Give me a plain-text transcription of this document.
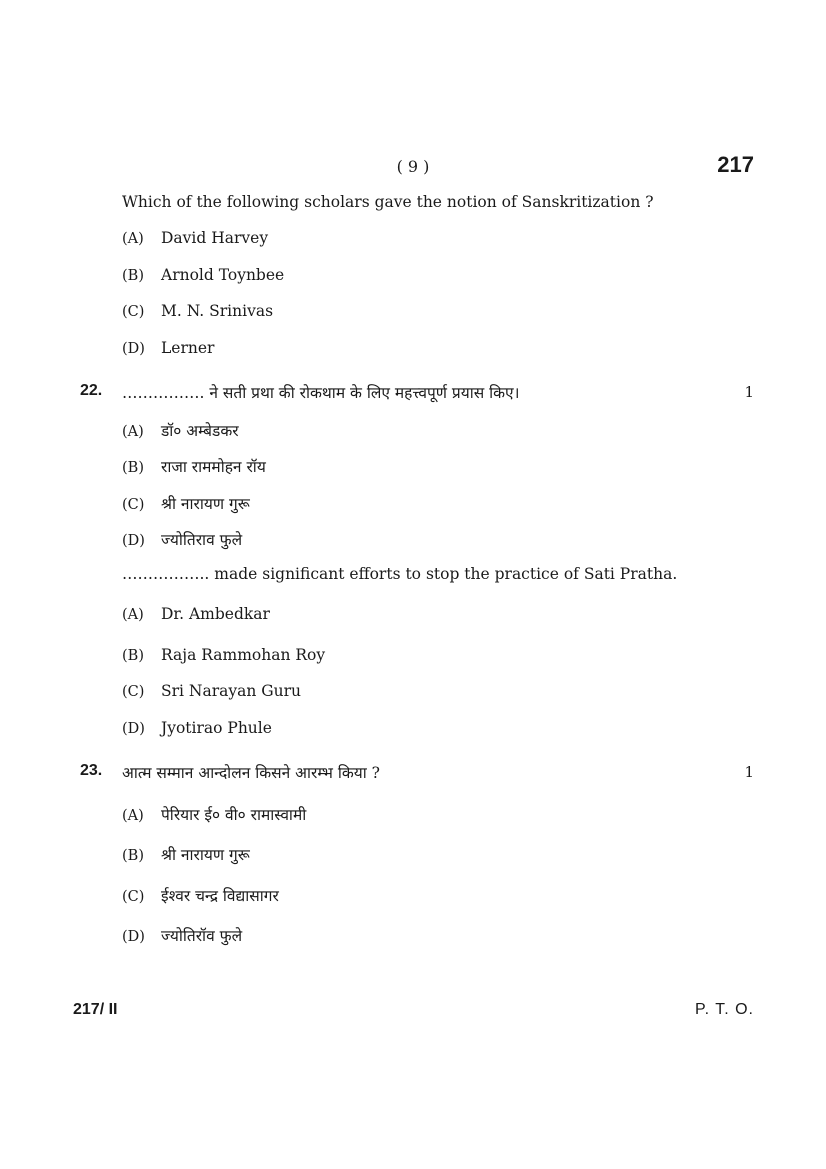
( 9 )	217
Which of the following scholars gave the notion of Sanskritization ?
(A) David Harvey
(B) Arnold Toynbee
(C) M. N. Srinivas
(D) Lerner
22. ……………. ने सती प्रथा की रोकथाम के लिए महत्त्वपूर्ण प्रयास किए।	1
(A) डॉ० अम्बेडकर
(B) राजा राममोहन रॉय
(C) श्री नारायण गुरू
(D) ज्योतिराव फुले
…………….. made significant efforts to stop the practice of Sati Pratha.
(A) Dr. Ambedkar
(B) Raja Rammohan Roy
(C) Sri Narayan Guru
(D) Jyotirao Phule
23. आत्म सम्मान आन्दोलन किसने आरम्भ किया ?	1
(A) पेरियार ई० वी० रामास्वामी
(B) श्री नारायण गुरू
(C) ईश्वर चन्द्र विद्यासागर
(D) ज्योतिरॉव फुले
217/ II	P. T. O.
